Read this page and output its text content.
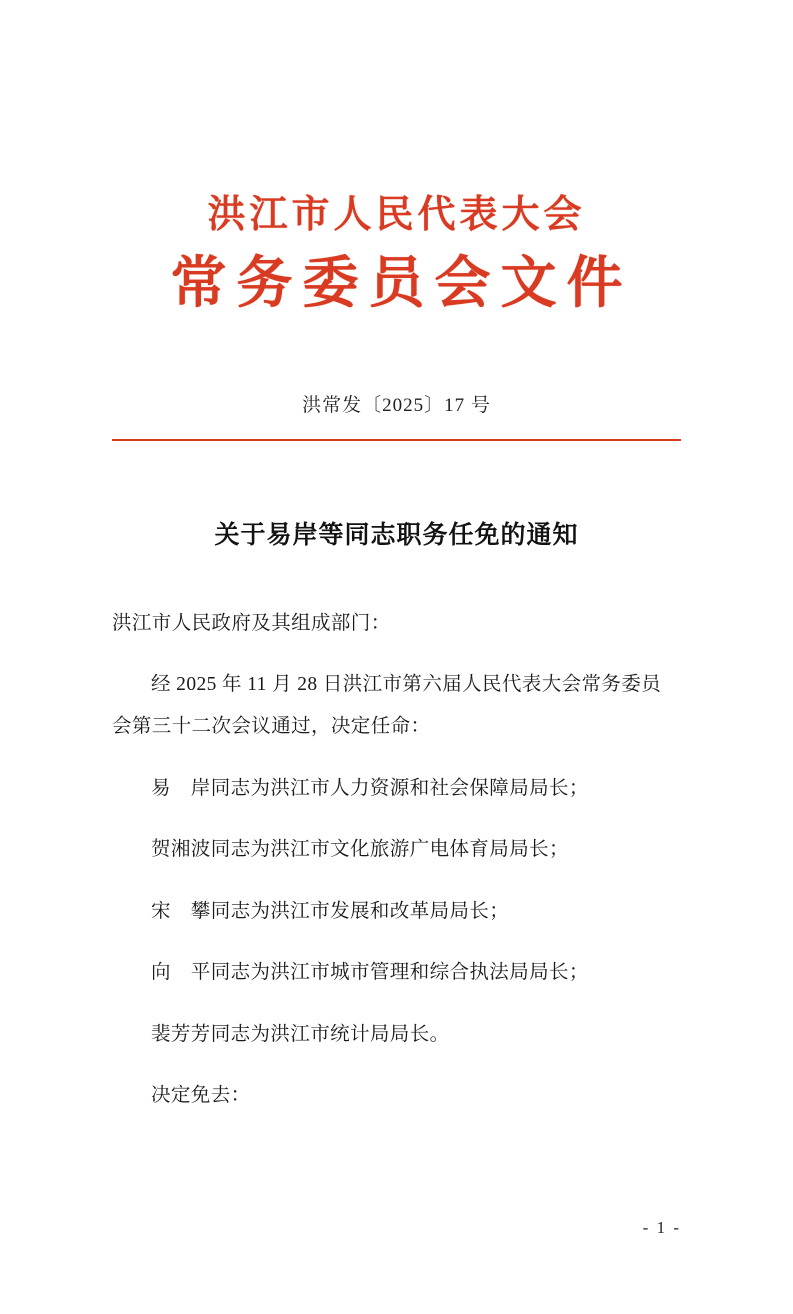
洪江市人民代表大会
常务委员会文件
洪常发〔2025〕17 号
关于易岸等同志职务任免的通知

洪江市人民政府及其组成部门：

经 2025 年 11 月 28 日洪江市第六届人民代表大会常务委员会第三十二次会议通过，决定任命：

易　岸同志为洪江市人力资源和社会保障局局长；

贺湘波同志为洪江市文化旅游广电体育局局长；

宋　攀同志为洪江市发展和改革局局长；

向　平同志为洪江市城市管理和综合执法局局长；

裴芳芳同志为洪江市统计局局长。

决定免去：

- 1 -
